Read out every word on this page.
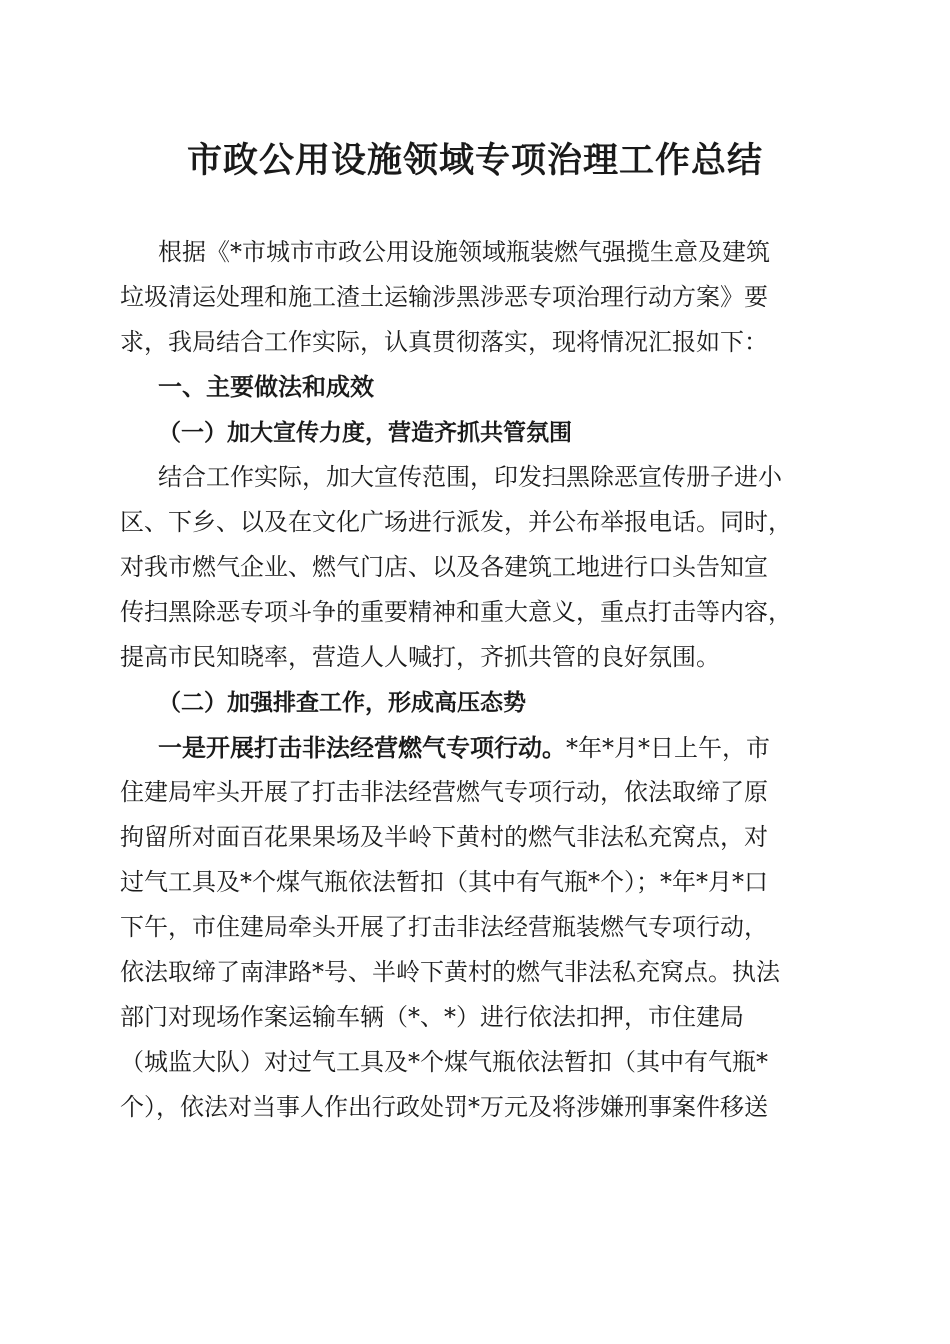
市政公用设施领域专项治理工作总结
根据《*市城市市政公用设施领域瓶装燃气强揽生意及建筑
垃圾清运处理和施工渣土运输涉黑涉恶专项治理行动方案》要
求，我局结合工作实际，认真贯彻落实，现将情况汇报如下：
一、主要做法和成效
（一）加大宣传力度，营造齐抓共管氛围
结合工作实际，加大宣传范围，印发扫黑除恶宣传册子进小
区、下乡、以及在文化广场进行派发，并公布举报电话。同时，
对我市燃气企业、燃气门店、以及各建筑工地进行口头告知宣
传扫黑除恶专项斗争的重要精神和重大意义，重点打击等内容，
提高市民知晓率，营造人人喊打，齐抓共管的良好氛围。
（二）加强排查工作，形成高压态势
一是开展打击非法经营燃气专项行动。*年*月*日上午，市
住建局牢头开展了打击非法经营燃气专项行动，依法取缔了原
拘留所对面百花果果场及半岭下黄村的燃气非法私充窝点，对
过气工具及*个煤气瓶依法暂扣（其中有气瓶*个）；*年*月*口
下午，市住建局牵头开展了打击非法经营瓶装燃气专项行动，
依法取缔了南津路*号、半岭下黄村的燃气非法私充窝点。执法
部门对现场作案运输车辆（*、*）进行依法扣押，市住建局
（城监大队）对过气工具及*个煤气瓶依法暂扣（其中有气瓶*
个），依法对当事人作出行政处罚*万元及将涉嫌刑事案件移送
